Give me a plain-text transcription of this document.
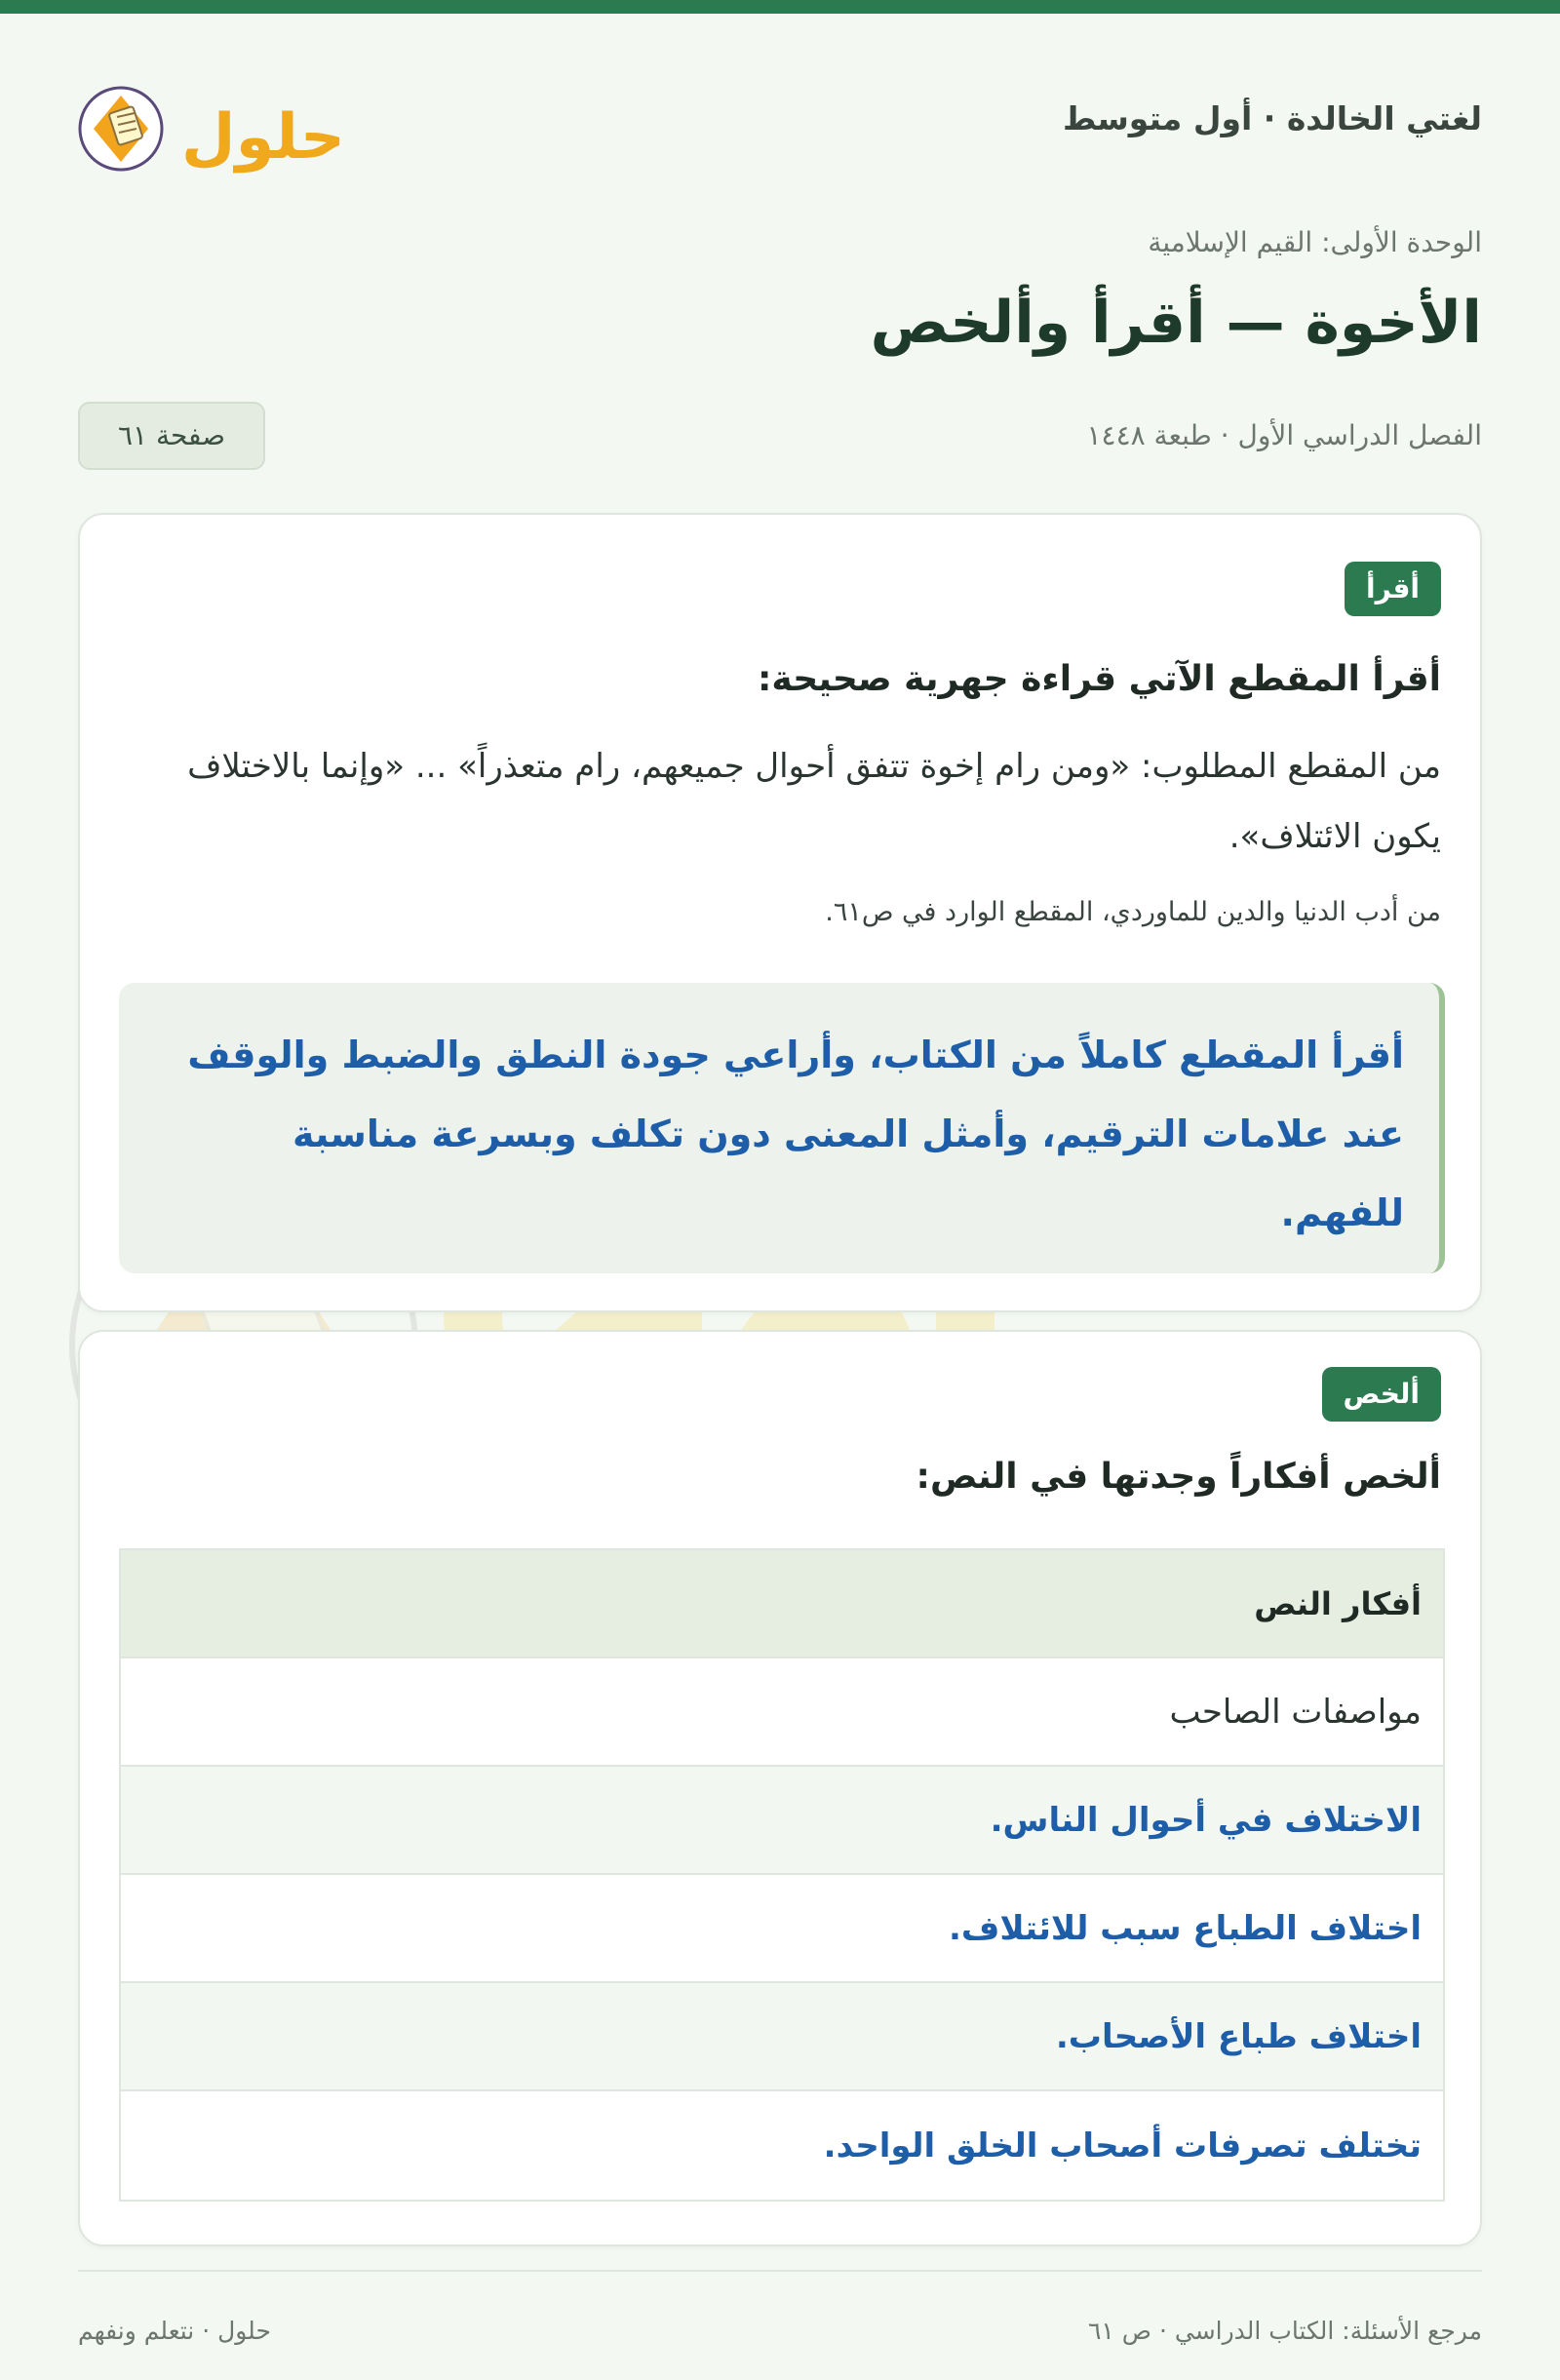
لغتي الخالدة · أول متوسط
حلول
الوحدة الأولى: القيم الإسلامية
الأخوة — أقرأ وألخص
الفصل الدراسي الأول · طبعة ١٤٤٨
صفحة ٦١
أقرأ
أقرأ المقطع الآتي قراءة جهرية صحيحة:
من المقطع المطلوب: «ومن رام إخوة تتفق أحوال جميعهم، رام متعذراً» ... «وإنما بالاختلاف يكون الائتلاف».
من أدب الدنيا والدين للماوردي، المقطع الوارد في ص٦١.
أقرأ المقطع كاملاً من الكتاب، وأراعي جودة النطق والضبط والوقف عند علامات الترقيم، وأمثل المعنى دون تكلف وبسرعة مناسبة للفهم.
ألخص
ألخص أفكاراً وجدتها في النص:
أفكار النص
مواصفات الصاحب
الاختلاف في أحوال الناس.
اختلاف الطباع سبب للائتلاف.
اختلاف طباع الأصحاب.
تختلف تصرفات أصحاب الخلق الواحد.
مرجع الأسئلة: الكتاب الدراسي · ص ٦١
حلول · نتعلم ونفهم
